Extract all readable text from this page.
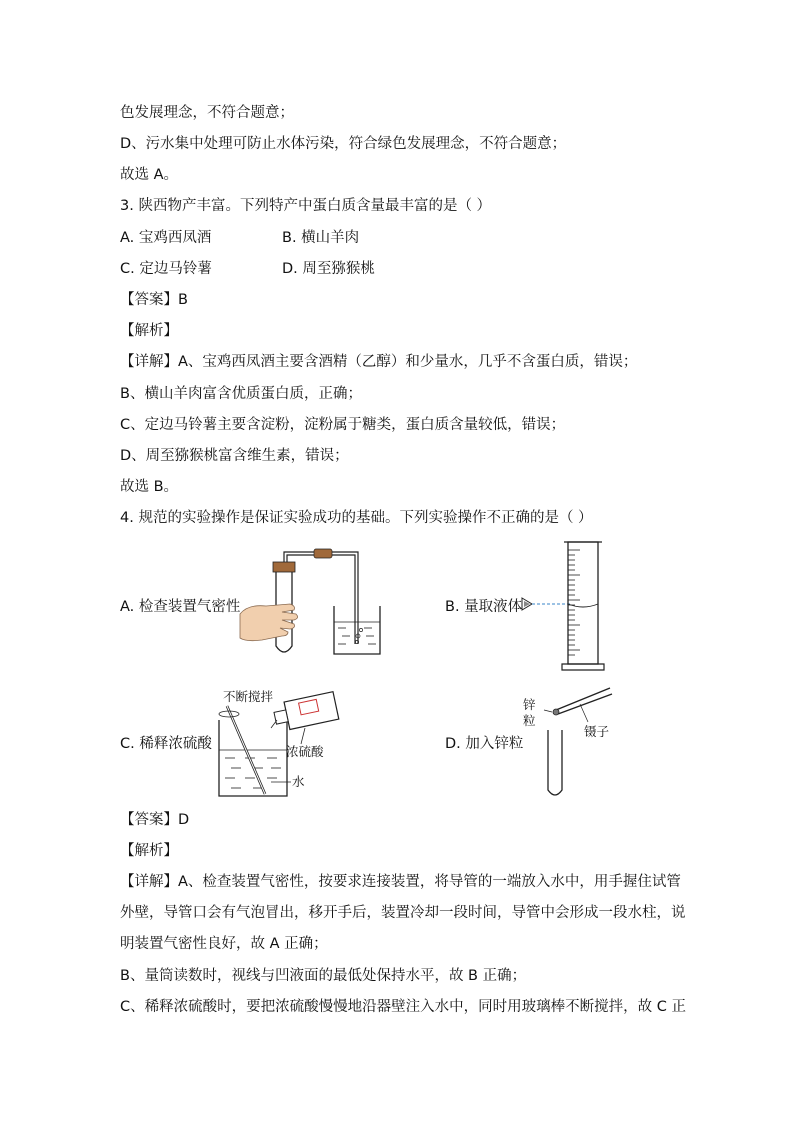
色发展理念，不符合题意；
D、污水集中处理可防止水体污染，符合绿色发展理念，不符合题意；
故选 A。
3. 陕西物产丰富。下列特产中蛋白质含量最丰富的是（ ）
A. 宝鸡西凤酒	B. 横山羊肉
C. 定边马铃薯	D. 周至猕猴桃
【答案】B
【解析】
【详解】A、宝鸡西凤酒主要含酒精（乙醇）和少量水，几乎不含蛋白质，错误；
B、横山羊肉富含优质蛋白质，正确；
C、定边马铃薯主要含淀粉，淀粉属于糖类，蛋白质含量较低，错误；
D、周至猕猴桃富含维生素，错误；
故选 B。
4. 规范的实验操作是保证实验成功的基础。下列实验操作不正确的是（ ）
A. 检查装置气密性	B. 量取液体
C. 稀释浓硫酸
不断搅拌
浓硫酸
水
D. 加入锌粒
锌
粒
镊子
【答案】D
【解析】
【详解】A、检查装置气密性，按要求连接装置，将导管的一端放入水中，用手握住试管
外壁，导管口会有气泡冒出，移开手后，装置冷却一段时间，导管中会形成一段水柱，说
明装置气密性良好，故 A 正确；
B、量筒读数时，视线与凹液面的最低处保持水平，故 B 正确；
C、稀释浓硫酸时，要把浓硫酸慢慢地沿器壁注入水中，同时用玻璃棒不断搅拌，故 C 正
